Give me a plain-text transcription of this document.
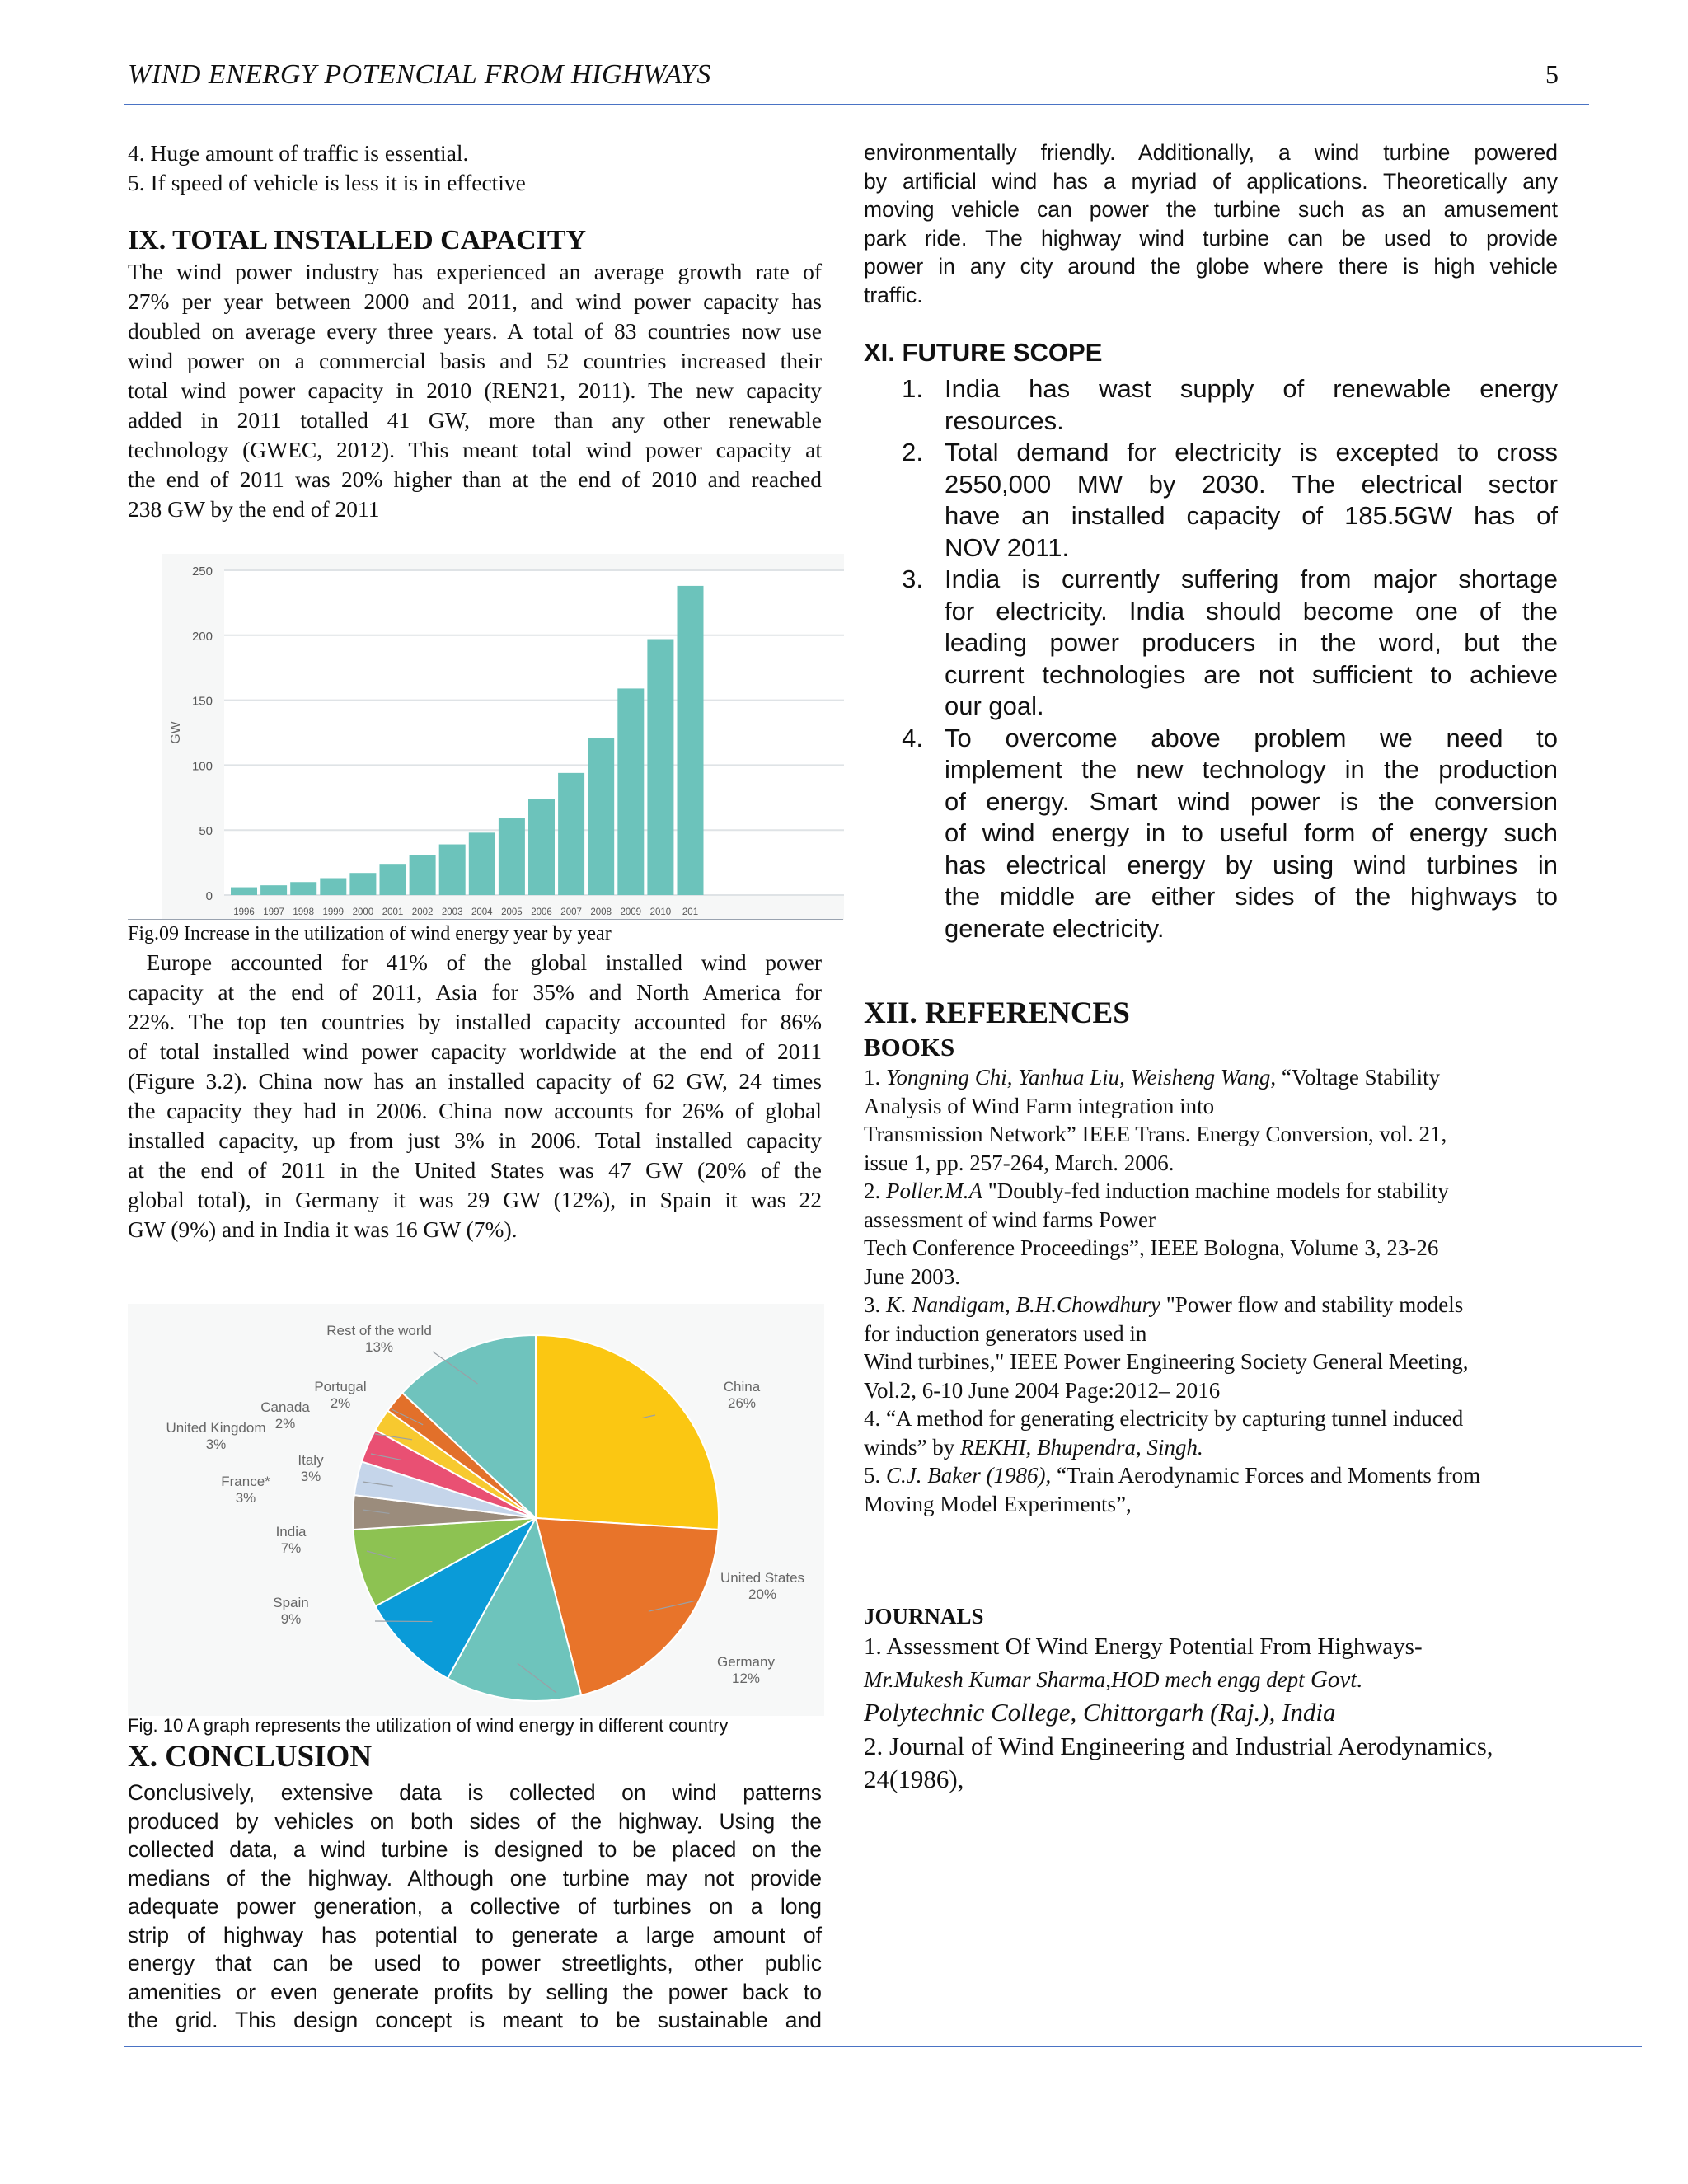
WIND ENERGY POTENCIAL FROM HIGHWAYS	5

4. Huge amount of traffic is essential.

5. If speed of vehicle is less it is in effective

IX. TOTAL INSTALLED CAPACITY
The wind power industry has experienced an average growth rate of
27% per year between 2000 and 2011, and wind power capacity has
doubled on average every three years. A total of 83 countries now use
wind power on a commercial basis and 52 countries increased their
total wind power capacity in 2010 (REN21, 2011). The new capacity
added in 2011 totalled 41 GW, more than any other renewable
technology (GWEC, 2012). This meant total wind power capacity at
the end of 2011 was 20% higher than at the end of 2010 and reached
238 GW by the end of 2011
0
50
100
150
200
250
GW
1996 1997 1998 1999 2000 2001 2002 2003 2004 2005 2006 2007 2008 2009 2010 201

Fig.09 Increase in the utilization of wind energy year by year

Europe accounted for 41% of the global installed wind power
capacity at the end of 2011, Asia for 35% and North America for
22%. The top ten countries by installed capacity accounted for 86%
of total installed wind power capacity worldwide at the end of 2011
(Figure 3.2). China now has an installed capacity of 62 GW, 24 times
the capacity they had in 2006. China now accounts for 26% of global
installed capacity, up from just 3% in 2006. Total installed capacity
at the end of 2011 in the United States was 47 GW (20% of the
global total), in Germany it was 29 GW (12%), in Spain it was 22
GW (9%) and in India it was 16 GW (7%).
China
26%
United States
20%
Germany
12%
Spain
9%
India
7%
France*
3%
Italy
3%
United Kingdom
3%
Canada
2%
Portugal
2%
Rest of the world
13%

Fig. 10 A graph represents the utilization of wind energy in different country

X. CONCLUSION
Conclusively, extensive data is collected on wind patterns
produced by vehicles on both sides of the highway. Using the
collected data, a wind turbine is designed to be placed on the
medians of the highway. Although one turbine may not provide
adequate power generation, a collective of turbines on a long
strip of highway has potential to generate a large amount of
energy that can be used to power streetlights, other public
amenities or even generate profits by selling the power back to
the grid. This design concept is meant to be sustainable and
environmentally friendly. Additionally, a wind turbine powered
by artificial wind has a myriad of applications. Theoretically any
moving vehicle can power the turbine such as an amusement
park ride. The highway wind turbine can be used to provide
power in any city around the globe where there is high vehicle
traffic.
XI. FUTURE SCOPE
1. India has wast supply of renewable energy
resources.
2. Total demand for electricity is excepted to cross
2550,000 MW by 2030. The electrical sector
have an installed capacity of 185.5GW has of
NOV 2011.
3. India is currently suffering from major shortage
for electricity. India should become one of the
leading power producers in the word, but the
current technologies are not sufficient to achieve
our goal.
4. To overcome above problem we need to
implement the new technology in the production
of energy. Smart wind power is the conversion
of wind energy in to useful form of energy such
has electrical energy by using wind turbines in
the middle are either sides of the highways to
generate electricity.
XII. REFERENCES
BOOKS
1. Yongning Chi, Yanhua Liu, Weisheng Wang, “Voltage Stability
Analysis of Wind Farm integration into
Transmission Network” IEEE Trans. Energy Conversion, vol. 21,
issue 1, pp. 257-264, March. 2006.
2. Poller.M.A "Doubly-fed induction machine models for stability
assessment of wind farms Power
Tech Conference Proceedings”, IEEE Bologna, Volume 3, 23-26
June 2003.
3. K. Nandigam, B.H.Chowdhury "Power flow and stability models
for induction generators used in
Wind turbines," IEEE Power Engineering Society General Meeting,
Vol.2, 6-10 June 2004 Page:2012– 2016
4. “A method for generating electricity by capturing tunnel induced
winds” by REKHI, Bhupendra, Singh.
5. C.J. Baker (1986), “Train Aerodynamic Forces and Moments from
Moving Model Experiments”,
JOURNALS
1. Assessment Of Wind Energy Potential From Highways-
Mr.Mukesh Kumar Sharma,HOD mech engg dept Govt.
Polytechnic College, Chittorgarh (Raj.), India
2. Journal of Wind Engineering and Industrial Aerodynamics,
24(1986),
